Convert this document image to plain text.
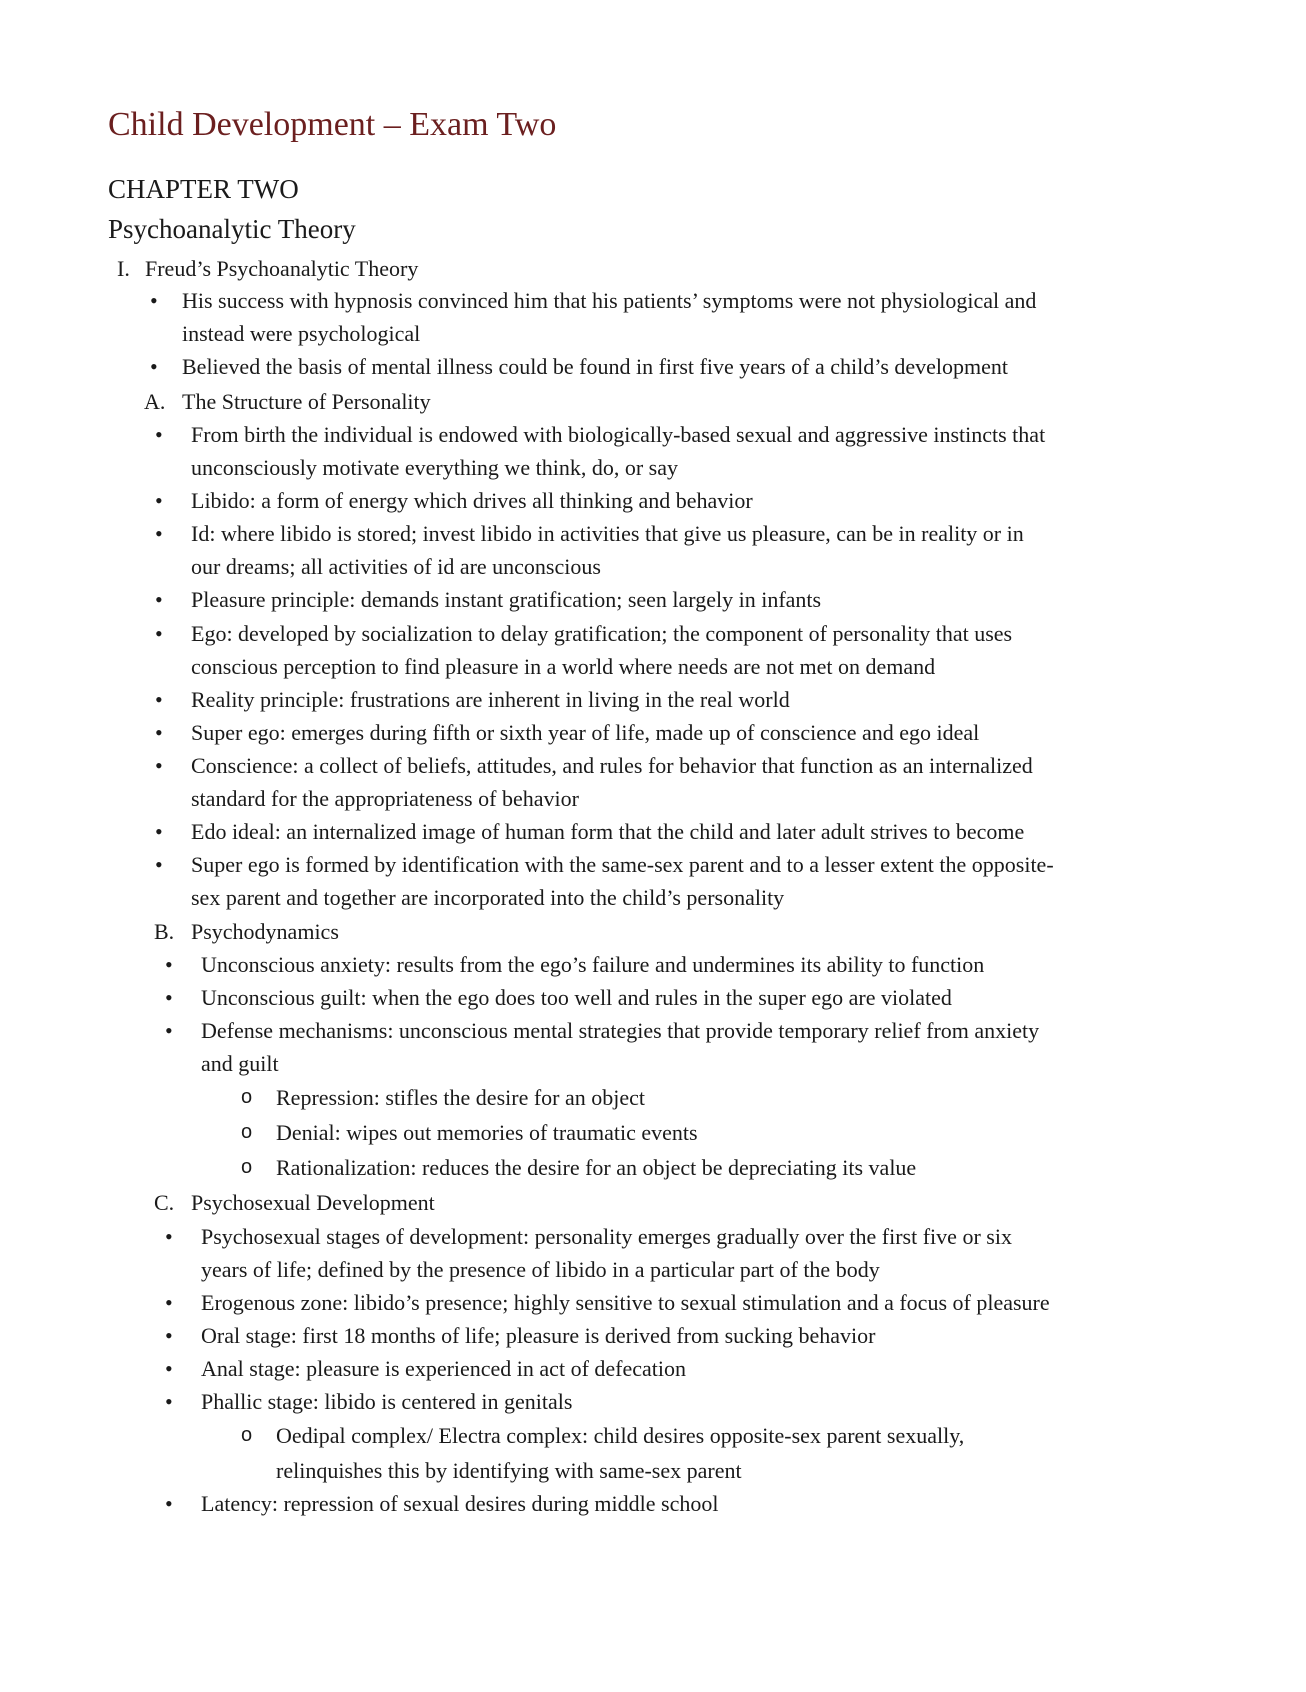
Child Development – Exam Two
CHAPTER TWO
Psychoanalytic Theory
I. Freud’s Psychoanalytic Theory
• His success with hypnosis convinced him that his patients’ symptoms were not physiological and
instead were psychological
• Believed the basis of mental illness could be found in first five years of a child’s development
A. The Structure of Personality
• From birth the individual is endowed with biologically-based sexual and aggressive instincts that
unconsciously motivate everything we think, do, or say
• Libido: a form of energy which drives all thinking and behavior
• Id: where libido is stored; invest libido in activities that give us pleasure, can be in reality or in
our dreams; all activities of id are unconscious
• Pleasure principle: demands instant gratification; seen largely in infants
• Ego: developed by socialization to delay gratification; the component of personality that uses
conscious perception to find pleasure in a world where needs are not met on demand
• Reality principle: frustrations are inherent in living in the real world
• Super ego: emerges during fifth or sixth year of life, made up of conscience and ego ideal
• Conscience: a collect of beliefs, attitudes, and rules for behavior that function as an internalized
standard for the appropriateness of behavior
• Edo ideal: an internalized image of human form that the child and later adult strives to become
• Super ego is formed by identification with the same-sex parent and to a lesser extent the opposite-
sex parent and together are incorporated into the child’s personality
B. Psychodynamics
• Unconscious anxiety: results from the ego’s failure and undermines its ability to function
• Unconscious guilt: when the ego does too well and rules in the super ego are violated
• Defense mechanisms: unconscious mental strategies that provide temporary relief from anxiety
and guilt
o Repression: stifles the desire for an object
o Denial: wipes out memories of traumatic events
o Rationalization: reduces the desire for an object be depreciating its value
C. Psychosexual Development
• Psychosexual stages of development: personality emerges gradually over the first five or six
years of life; defined by the presence of libido in a particular part of the body
• Erogenous zone: libido’s presence; highly sensitive to sexual stimulation and a focus of pleasure
• Oral stage: first 18 months of life; pleasure is derived from sucking behavior
• Anal stage: pleasure is experienced in act of defecation
• Phallic stage: libido is centered in genitals
o Oedipal complex/ Electra complex: child desires opposite-sex parent sexually,
relinquishes this by identifying with same-sex parent
• Latency: repression of sexual desires during middle school
